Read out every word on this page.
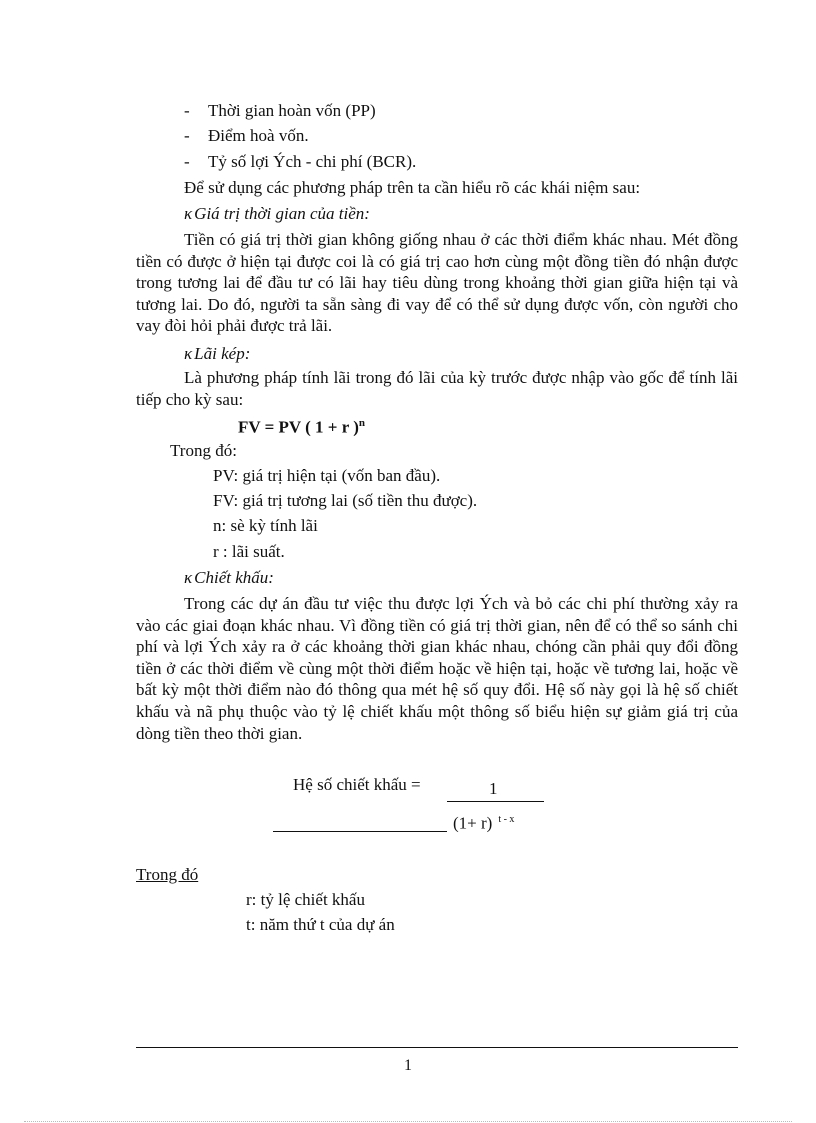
- Thời gian hoàn vốn (PP)
- Điểm hoà vốn.
- Tỷ số lợi Ých - chi phí (BCR).
Để sử dụng các phương pháp trên ta cần hiểu rõ các khái niệm sau:
κ Giá trị thời gian của tiền:
Tiền có giá trị thời gian không giống nhau ở các thời điểm khác nhau. Mét đồng tiền có được ở hiện tại được coi là có giá trị cao hơn cùng một đồng tiền đó nhận được trong tương lai để đầu tư có lãi hay tiêu dùng trong khoảng thời gian giữa hiện tại và tương lai. Do đó, người ta sẵn sàng đi vay để có thể sử dụng được vốn, còn người cho vay đòi hỏi phải được trả lãi.
κ Lãi kép:
Là phương pháp tính lãi trong đó lãi của kỳ trước được nhập vào gốc để tính lãi tiếp cho kỳ sau:
FV = PV ( 1 + r )$^n$
Trong đó:
PV: giá trị hiện tại (vốn ban đầu).
FV: giá trị tương lai (số tiền thu được).
n: sè kỳ tính lãi
r : lãi suất.
κ Chiết khấu:
Trong các dự án đầu tư việc thu được lợi Ých và bỏ các chi phí thường xảy ra vào các giai đoạn khác nhau. Vì đồng tiền có giá trị thời gian, nên để có thể so sánh chi phí và lợi Ých xảy ra ở các khoảng thời gian khác nhau, chóng cần phải quy đổi đồng tiền ở các thời điểm về cùng một thời điểm hoặc về hiện tại, hoặc về tương lai, hoặc về bất kỳ một thời điểm nào đó thông qua mét hệ số quy đổi. Hệ số này gọi là hệ số chiết khấu và nã phụ thuộc vào tỷ lệ chiết khấu một thông số biểu hiện sự giảm giá trị của dòng tiền theo thời gian.
Hệ số chiết khấu =	1
(1+ r) $^{t - x}$
Trong đó
r: tỷ lệ chiết khấu
t: năm thứ t của dự án
1
